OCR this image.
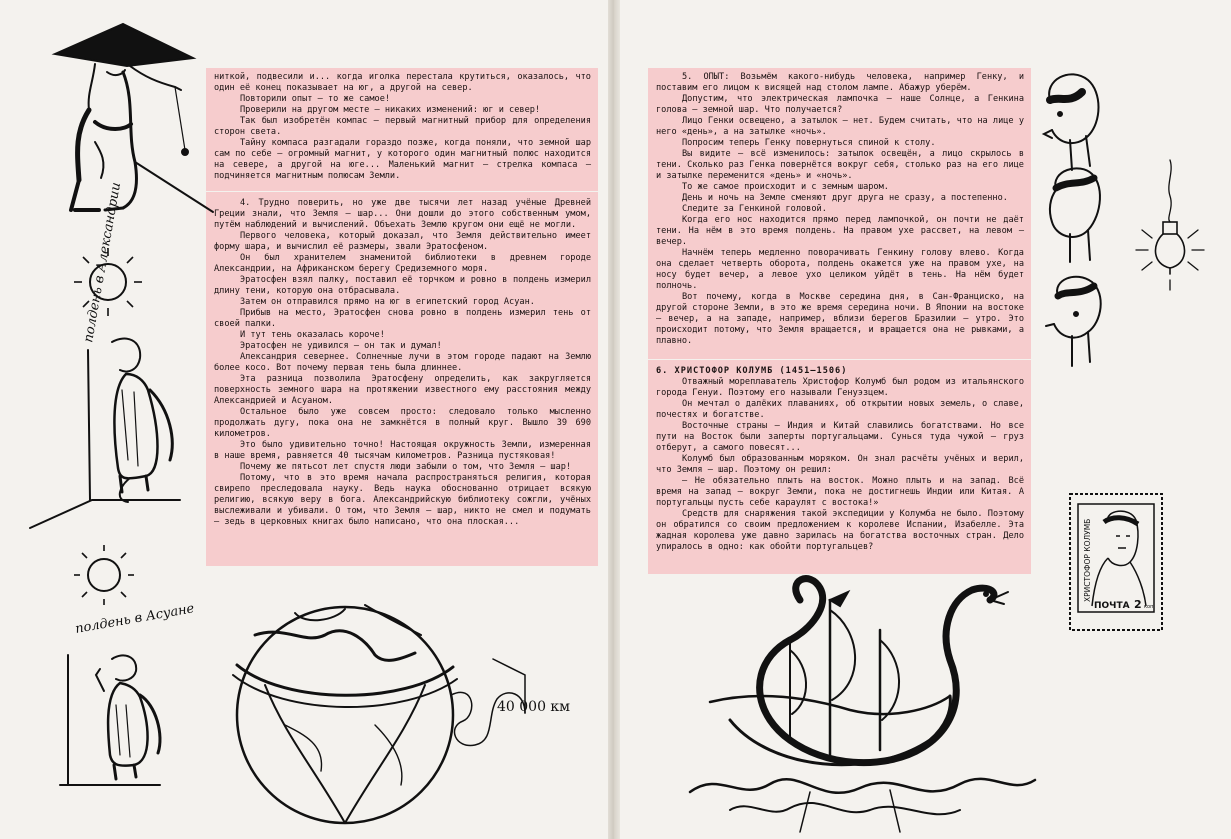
ниткой, подвесили и... когда иголка перестала крутиться, оказалось, что один её конец показывает на юг, а другой на север.

Повторили опыт — то же самое!

Проверили на другом месте — никаких изменений: юг и север!

Так был изобретён компас — первый магнитный прибор для определения сторон света.

Тайну компаса разгадали гораздо позже, когда поняли, что земной шар сам по себе — огромный магнит, у которого один магнитный полюс находится на севере, а другой на юге... Маленький магнит — стрелка компаса — подчиняется магнитным полюсам Земли.

4. Трудно поверить, но уже две тысячи лет назад учёные Древней Греции знали, что Земля — шар... Они дошли до этого собственным умом, путём наблюдений и вычислений. Объехать Землю кругом они ещё не могли.

Первого человека, который доказал, что Земля действительно имеет форму шара, и вычислил её размеры, звали Эратосфеном.

Он был хранителем знаменитой библиотеки в древнем городе Александрии, на Африканском берегу Средиземного моря.

Эратосфен взял палку, поставил её торчком и ровно в полдень измерил длину тени, которую она отбрасывала.

Затем он отправился прямо на юг в египетский город Асуан.

Прибыв на место, Эратосфен снова ровно в полдень измерил тень от своей палки.

И тут тень оказалась короче!

Эратосфен не удивился — он так и думал!

Александрия севернее. Солнечные лучи в этом городе падают на Землю более косо. Вот почему первая тень была длиннее.

Эта разница позволила Эратосфену определить, как закругляется поверхность земного шара на протяжении известного ему расстояния между Александрией и Асуаном.

Остальное было уже совсем просто: следовало только мысленно продолжать дугу, пока она не замкнётся в полный круг. Вышло 39 690 километров.

Это было удивительно точно! Настоящая окружность Земли, измеренная в наше время, равняется 40 тысячам километров. Разница пустяковая!

Почему же пятьсот лет спустя люди забыли о том, что Земля — шар!

Потому, что в это время начала распространяться религия, которая свирепо преследовала науку. Ведь наука обоснованно отрицает всякую религию, всякую веру в бога. Александрийскую библиотеку сожгли, учёных выслеживали и убивали. О том, что Земля — шар, никто не смел и подумать — зедь в церковных книгах было написано, что она плоская...

5. ОПЫТ: Возьмём какого-нибудь человека, например Генку, и поставим его лицом к висящей над столом лампе. Абажур уберём.

Допустим, что электрическая лампочка — наше Солнце, а Генкина голова — земной шар. Что получается?

Лицо Генки освещено, а затылок — нет. Будем считать, что на лице у него «день», а на затылке «ночь».

Попросим теперь Генку повернуться спиной к столу.

Вы видите — всё изменилось: затылок освещён, а лицо скрылось в тени. Сколько раз Генка повернётся вокруг себя, столько раз на его лице и затылке переменится «день» и «ночь».

То же самое происходит и с земным шаром.

День и ночь на Земле сменяют друг друга не сразу, а постепенно.

Следите за Генкиной головой.

Когда его нос находится прямо перед лампочкой, он почти не даёт тени. На нём в это время полдень. На правом ухе рассвет, на левом — вечер.

Начнём теперь медленно поворачивать Генкину голову влево. Когда она сделает четверть оборота, полдень окажется уже на правом ухе, на носу будет вечер, а левое ухо целиком уйдёт в тень. На нём будет полночь.

Вот почему, когда в Москве середина дня, в Сан-Франциско, на другой стороне Земли, в это же время середина ночи. В Японии на востоке — вечер, а на западе, например, вблизи берегов Бразилии — утро. Это происходит потому, что Земля вращается, и вращается она не рывками, а плавно.

6. ХРИСТОФОР КОЛУМБ (1451—1506)

Отважный мореплаватель Христофор Колумб был родом из итальянского города Генуи. Поэтому его называли Генуэзцем.

Он мечтал о далёких плаваниях, об открытии новых земель, о славе, почестях и богатстве.

Восточные страны — Индия и Китай славились богатствами. Но все пути на Восток были заперты португальцами. Сунься туда чужой — груз отберут, а самого повесят...

Колумб был образованным моряком. Он знал расчёты учёных и верил, что Земля — шар. Поэтому он решил:

— Не обязательно плыть на восток. Можно плыть и на запад. Всё время на запад — вокруг Земли, пока не достигнешь Индии или Китая. А португальцы пусть себе караулят с востока!»

Средств для снаряжения такой экспедиции у Колумба не было. Поэтому он обратился со своим предложением к королеве Испании, Изабелле. Эта жадная королева уже давно зарилась на богатства восточных стран. Дело упиралось в одно: как обойти португальцев?

полдень в Александрии
полдень в Асуане
40 000 км
ХРИСТОФОР КОЛУМБ
ПОЧТА 2 коп
